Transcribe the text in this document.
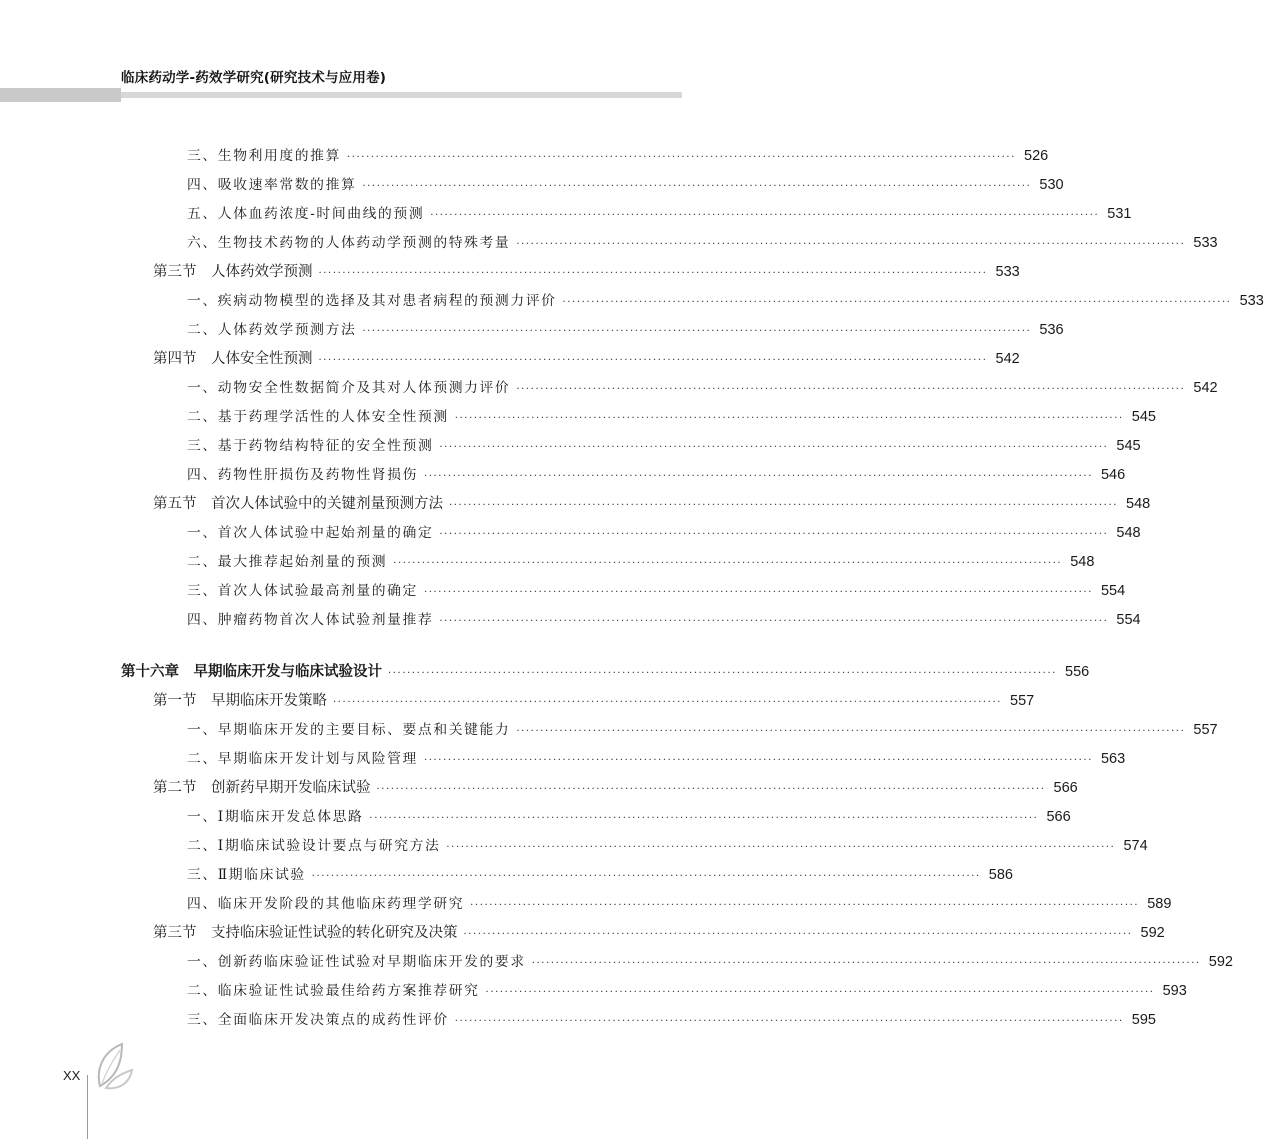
临床药动学-药效学研究(研究技术与应用卷)
三、生物利用度的推算 ············································································································································ 526
四、吸收速率常数的推算 ············································································································································ 530
五、人体血药浓度-时间曲线的预测 ············································································································································ 531
六、生物技术药物的人体药动学预测的特殊考量 ············································································································································ 533
第三节　人体药效学预测 ············································································································································ 533
一、疾病动物模型的选择及其对患者病程的预测力评价 ············································································································································ 533
二、人体药效学预测方法 ············································································································································ 536
第四节　人体安全性预测 ············································································································································ 542
一、动物安全性数据简介及其对人体预测力评价 ············································································································································ 542
二、基于药理学活性的人体安全性预测 ············································································································································ 545
三、基于药物结构特征的安全性预测 ············································································································································ 545
四、药物性肝损伤及药物性肾损伤 ············································································································································ 546
第五节　首次人体试验中的关键剂量预测方法 ············································································································································ 548
一、首次人体试验中起始剂量的确定 ············································································································································ 548
二、最大推荐起始剂量的预测 ············································································································································ 548
三、首次人体试验最高剂量的确定 ············································································································································ 554
四、肿瘤药物首次人体试验剂量推荐 ············································································································································ 554
第十六章　早期临床开发与临床试验设计 ············································································································································ 556
第一节　早期临床开发策略 ············································································································································ 557
一、早期临床开发的主要目标、要点和关键能力 ············································································································································ 557
二、早期临床开发计划与风险管理 ············································································································································ 563
第二节　创新药早期开发临床试验 ············································································································································ 566
一、Ⅰ期临床开发总体思路 ············································································································································ 566
二、Ⅰ期临床试验设计要点与研究方法 ············································································································································ 574
三、Ⅱ期临床试验 ············································································································································ 586
四、临床开发阶段的其他临床药理学研究 ············································································································································ 589
第三节　支持临床验证性试验的转化研究及决策 ············································································································································ 592
一、创新药临床验证性试验对早期临床开发的要求 ············································································································································ 592
二、临床验证性试验最佳给药方案推荐研究 ············································································································································ 593
三、全面临床开发决策点的成药性评价 ············································································································································ 595
XX
